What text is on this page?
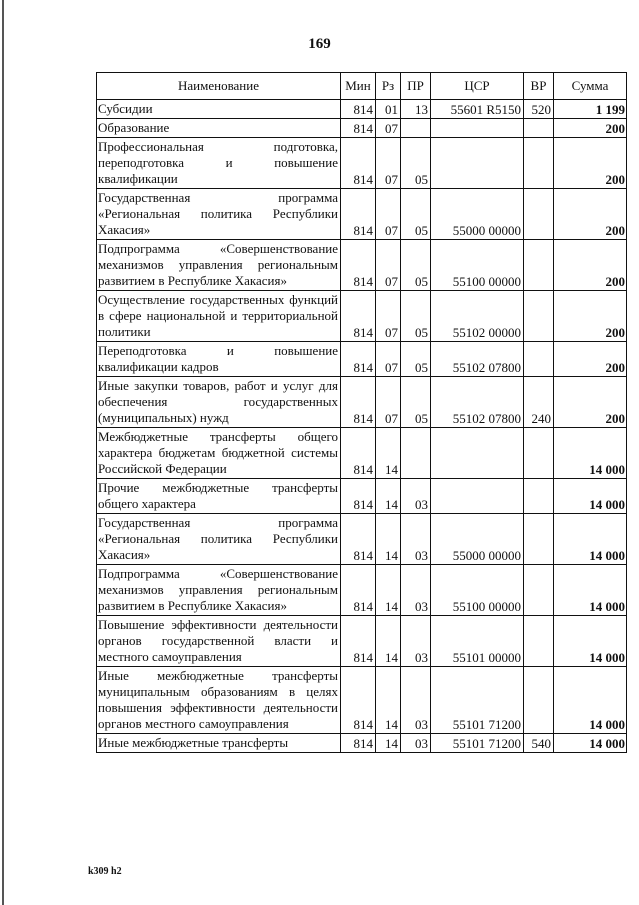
169
Наименование	Мин	Рз	ПР	ЦСР	ВР	Сумма
Субсидии	814	01	13	55601 R5150	520	1 199
Образование	814	07				200
Профессиональная подготовка, переподготовка и повышение квалификации	814	07	05			200
Государственная программа «Региональная политика Республики Хакасия»	814	07	05	55000 00000		200
Подпрограмма «Совершенствование механизмов управления региональным развитием в Республике Хакасия»	814	07	05	55100 00000		200
Осуществление государственных функций в сфере национальной и территориальной политики	814	07	05	55102 00000		200
Переподготовка и повышение квалификации кадров	814	07	05	55102 07800		200
Иные закупки товаров, работ и услуг для обеспечения государственных (муниципальных) нужд	814	07	05	55102 07800	240	200
Межбюджетные трансферты общего характера бюджетам бюджетной системы Российской Федерации	814	14				14 000
Прочие межбюджетные трансферты общего характера	814	14	03			14 000
Государственная программа «Региональная политика Республики Хакасия»	814	14	03	55000 00000		14 000
Подпрограмма «Совершенствование механизмов управления региональным развитием в Республике Хакасия»	814	14	03	55100 00000		14 000
Повышение эффективности деятельности органов государственной власти и местного самоуправления	814	14	03	55101 00000		14 000
Иные межбюджетные трансферты муниципальным образованиям в целях повышения эффективности деятельности органов местного самоуправления	814	14	03	55101 71200		14 000
Иные межбюджетные трансферты	814	14	03	55101 71200	540	14 000
k309 h2
